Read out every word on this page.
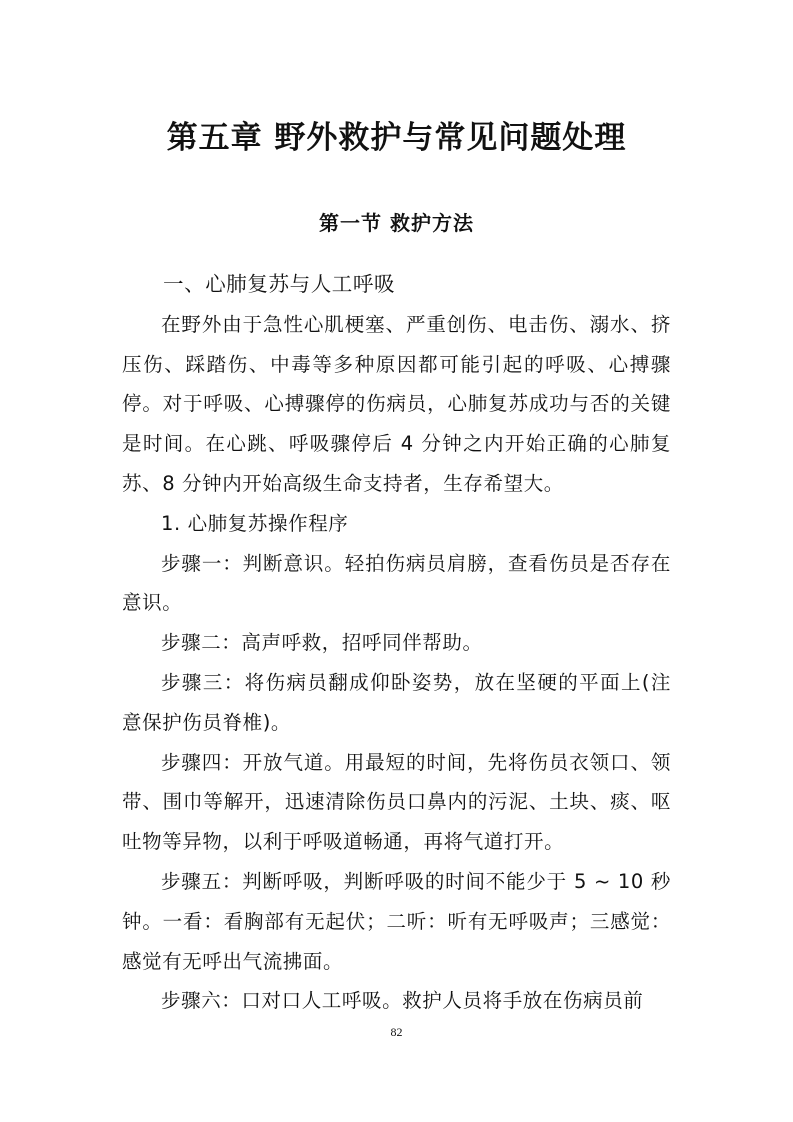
第五章 野外救护与常见问题处理
第一节 救护方法

一、心肺复苏与人工呼吸

在野外由于急性心肌梗塞、严重创伤、电击伤、溺水、挤压伤、踩踏伤、中毒等多种原因都可能引起的呼吸、心搏骤停。对于呼吸、心搏骤停的伤病员，心肺复苏成功与否的关键是时间。在心跳、呼吸骤停后 4 分钟之内开始正确的心肺复苏、8 分钟内开始高级生命支持者，生存希望大。

1. 心肺复苏操作程序

步骤一：判断意识。轻拍伤病员肩膀，查看伤员是否存在意识。

步骤二：高声呼救，招呼同伴帮助。

步骤三：将伤病员翻成仰卧姿势，放在坚硬的平面上(注意保护伤员脊椎)。

步骤四：开放气道。用最短的时间，先将伤员衣领口、领带、围巾等解开，迅速清除伤员口鼻内的污泥、土块、痰、呕吐物等异物，以利于呼吸道畅通，再将气道打开。

步骤五：判断呼吸，判断呼吸的时间不能少于 5 ~ 10 秒钟。一看：看胸部有无起伏；二听：听有无呼吸声；三感觉：感觉有无呼出气流拂面。

步骤六：口对口人工呼吸。救护人员将手放在伤病员前

82
